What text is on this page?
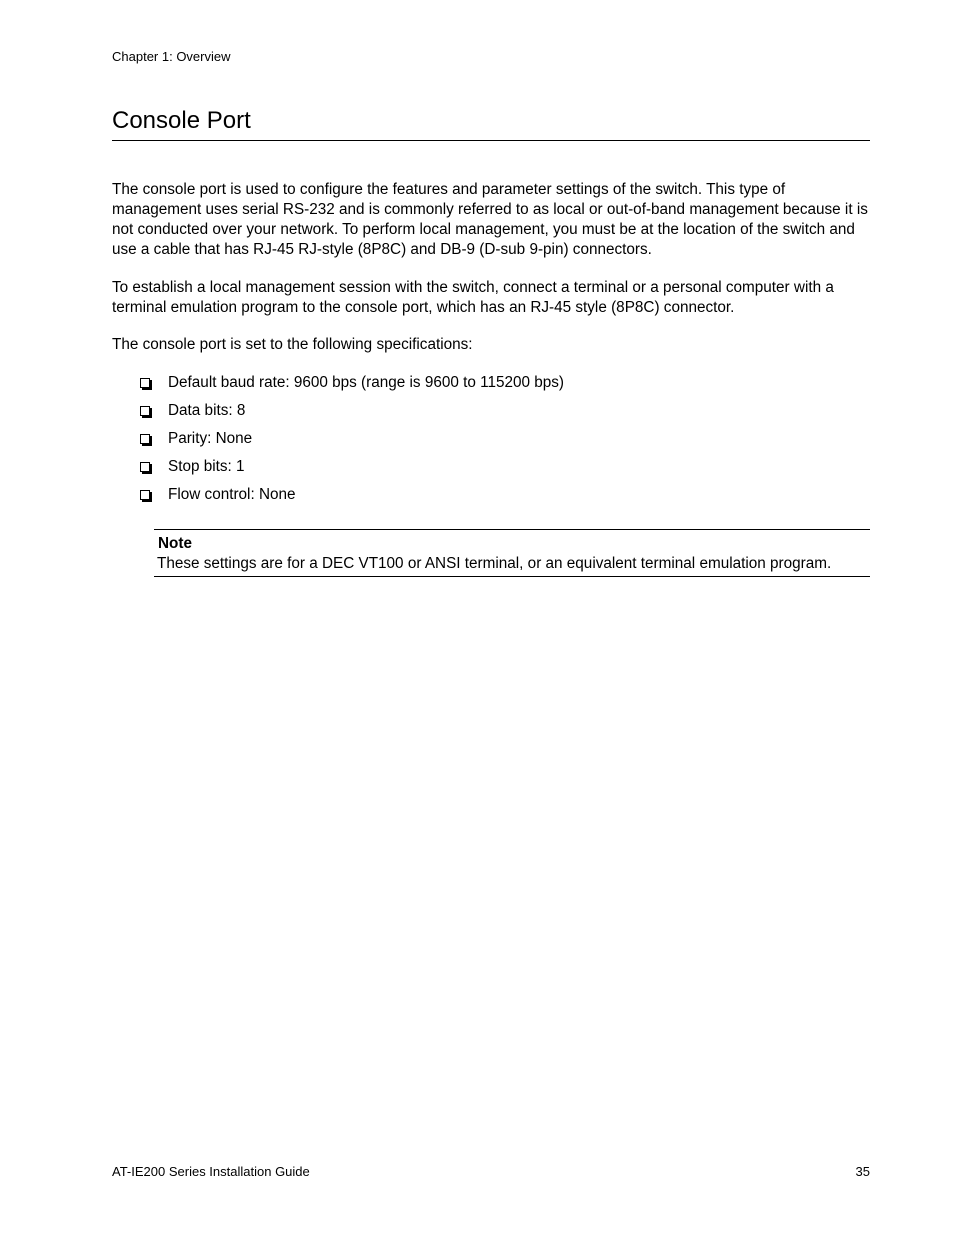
Chapter 1: Overview
Console Port

The console port is used to configure the features and parameter settings of the switch. This type of management uses serial RS-232 and is commonly referred to as local or out-of-band management because it is not conducted over your network. To perform local management, you must be at the location of the switch and use a cable that has RJ-45 RJ-style (8P8C) and DB-9 (D-sub 9-pin) connectors.

To establish a local management session with the switch, connect a terminal or a personal computer with a terminal emulation program to the console port, which has an RJ-45 style (8P8C) connector.

The console port is set to the following specifications:

Default baud rate: 9600 bps (range is 9600 to 115200 bps)
Data bits: 8
Parity: None
Stop bits: 1
Flow control: None
Note
These settings are for a DEC VT100 or ANSI terminal, or an equivalent terminal emulation program.
AT-IE200 Series Installation Guide	35
